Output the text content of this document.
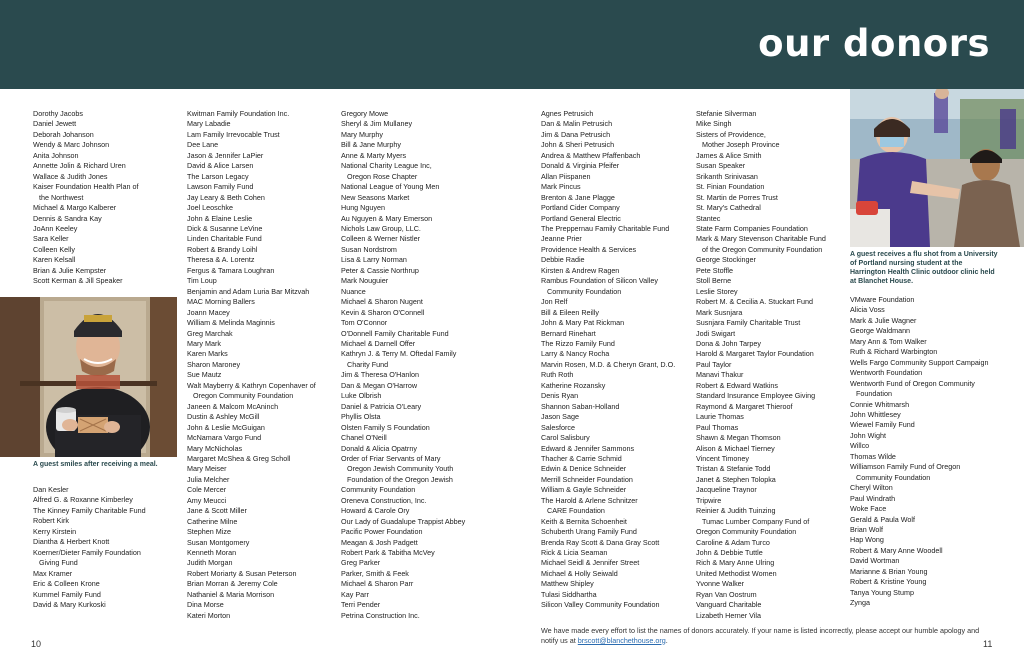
our donors
Dorothy Jacobs
Daniel Jewett
Deborah Johanson
Wendy & Marc Johnson
Anita Johnson
Annette Jolin & Richard Uren
Wallace & Judith Jones
Kaiser Foundation Health Plan of
the Northwest
Michael & Margo Kalberer
Dennis & Sandra Kay
JoAnn Keeley
Sara Keller
Colleen Kelly
Karen Kelsall
Brian & Julie Kempster
Scott Kerman & Jill Speaker
Dan Kesler
Alfred G. & Roxanne Kimberley
The Kinney Family Charitable Fund
Robert Kirk
Kerry Kirstein
Diantha & Herbert Knott
Koerner/Dieter Family Foundation
Giving Fund
Max Kramer
Eric & Colleen Krone
Kummel Family Fund
David & Mary Kurkoski
Kwitman Family Foundation Inc.
Mary Labadie
Lam Family Irrevocable Trust
Dee Lane
Jason & Jennifer LaPier
David & Alice Larsen
The Larson Legacy
Lawson Family Fund
Jay Leary & Beth Cohen
Joel Leoschke
John & Elaine Leslie
Dick & Susanne LeVine
Linden Charitable Fund
Robert & Brandy Loihl
Theresa & A. Lorentz
Fergus & Tamara Loughran
Tim Loup
Benjamin and Adam Luria Bar Mitzvah
MAC Morning Ballers
Joann Macey
William & Melinda Maginnis
Greg Marchak
Mary Mark
Karen Marks
Sharon Maroney
Sue Mautz
Walt Mayberry & Kathryn Copenhaver of
Oregon Community Foundation
Janeen & Malcom McAninch
Dustin & Ashley McGill
John & Leslie McGuigan
McNamara Vargo Fund
Mary McNicholas
Margaret McShea & Greg Scholl
Mary Meiser
Julia Melcher
Cole Mercer
Amy Meucci
Jane & Scott Miller
Catherine Milne
Stephen Mize
Susan Montgomery
Kenneth Moran
Judith Morgan
Robert Moriarty & Susan Peterson
Brian Morran & Jeremy Cole
Nathaniel & Maria Morrison
Dina Morse
Kateri Morton
Gregory Mowe
Sheryl & Jim Mullaney
Mary Murphy
Bill & Jane Murphy
Anne & Marty Myers
National Charity League Inc,
Oregon Rose Chapter
National League of Young Men
New Seasons Market
Hung Nguyen
Au Nguyen & Mary Emerson
Nichols Law Group, LLC.
Colleen & Werner Nistler
Susan Nordstrom
Lisa & Larry Norman
Peter & Cassie Northrup
Mark Nouguier
Nuance
Michael & Sharon Nugent
Kevin & Sharon O'Connell
Tom O'Connor
O'Donnell Family Charitable Fund
Michael & Darnell Offer
Kathryn J. & Terry M. Oftedal Family
Charity Fund
Jim & Theresa O'Hanlon
Dan & Megan O'Harrow
Luke Olbrish
Daniel & Patricia O'Leary
Phyllis Olsta
Olsten Family S Foundation
Chanel O'Neill
Donald & Alicia Opatrny
Order of Friar Servants of Mary
Oregon Jewish Community Youth
Foundation of the Oregon Jewish
Community Foundation
Oreneva Construction, Inc.
Howard & Carole Ory
Our Lady of Guadalupe Trappist Abbey
Pacific Power Foundation
Meagan & Josh Padgett
Robert Park & Tabitha McVey
Greg Parker
Parker, Smith & Feek
Michael & Sharon Parr
Kay Parr
Terri Pender
Petrina Construction Inc.
Agnes Petrusich
Dan & Malin Petrusich
Jim & Dana Petrusich
John & Sheri Petrusich
Andrea & Matthew Pfaffenbach
Donald & Virginia Pfeifer
Allan Piispanen
Mark Pincus
Brenton & Jane Plagge
Portland Cider Company
Portland General Electric
The Preppernau Family Charitable Fund
Jeanne Prier
Providence Health & Services
Debbie Radie
Kirsten & Andrew Ragen
Rambus Foundation of Silicon Valley
Community Foundation
Jon Relf
Bill & Eileen Reilly
John & Mary Pat Rickman
Bernard Rinehart
The Rizzo Family Fund
Larry & Nancy Rocha
Marvin Rosen, M.D. & Cheryn Grant, D.O.
Ruth Roth
Katherine Rozansky
Denis Ryan
Shannon Saban-Holland
Jason Sage
Salesforce
Carol Salisbury
Edward & Jennifer Sammons
Thacher & Carrie Schmid
Edwin & Denice Schneider
Merrill Schneider Foundation
William & Gayle Schneider
The Harold & Arlene Schnitzer
CARE Foundation
Keith & Bernita Schoenheit
Schuberth Urang Family Fund
Brenda Ray Scott & Dana Gray Scott
Rick & Licia Seaman
Michael Seidl & Jennifer Street
Michael & Holly Seiwald
Matthew Shipley
Tulasi Siddhartha
Silicon Valley Community Foundation
Stefanie Silverman
Mike Singh
Sisters of Providence,
Mother Joseph Province
James & Alice Smith
Susan Speaker
Srikanth Srinivasan
St. Finian Foundation
St. Martin de Porres Trust
St. Mary's Cathedral
Stantec
State Farm Companies Foundation
Mark & Mary Stevenson Charitable Fund
of the Oregon Community Foundation
George Stockinger
Pete Stoffle
Stoll Berne
Leslie Storey
Robert M. & Cecilia A. Stuckart Fund
Mark Susnjara
Susnjara Family Charitable Trust
Jodi Swigart
Dona & John Tarpey
Harold & Margaret Taylor Foundation
Paul Taylor
Manavi Thakur
Robert & Edward Watkins
Standard Insurance Employee Giving
Raymond & Margaret Thieroof
Laurie Thomas
Paul Thomas
Shawn & Megan Thomson
Alison & Michael Tierney
Vincent Timoney
Tristan & Stefanie Todd
Janet & Stephen Tolopka
Jacqueline Traynor
Tripwire
Reinier & Judith Tuinzing
Tumac Lumber Company Fund of
Oregon Community Foundation
Caroline & Adam Turco
John & Debbie Tuttle
Rich & Mary Anne Ulring
United Methodist Women
Yvonne Walker
Ryan Van Oostrum
Vanguard Charitable
Lizabeth Herner Vila
VMware Foundation
Alicia Voss
Mark & Julie Wagner
George Waldmann
Mary Ann & Tom Walker
Ruth & Richard Warbington
Wells Fargo Community Support Campaign
Wentworth Foundation
Wentworth Fund of Oregon Community
Foundation
Connie Whitmarsh
John Whittlesey
Wiewel Family Fund
John Wight
Willco
Thomas Wilde
Williamson Family Fund of Oregon
Community Foundation
Cheryl Wilton
Paul Windrath
Woke Face
Gerald & Paula Wolf
Brian Wolf
Hap Wong
Robert & Mary Anne Woodell
David Wortman
Marianne & Brian Young
Robert & Kristine Young
Tanya Young Stump
Zynga
A guest smiles after receiving a meal.
A guest receives a flu shot from a University of Portland nursing student at the Harrington Health Clinic outdoor clinic held at Blanchet House.
We have made every effort to list the names of donors accurately. If your name is listed incorrectly, please accept our humble apology and notify us at brscott@blanchethouse.org.
10	11
